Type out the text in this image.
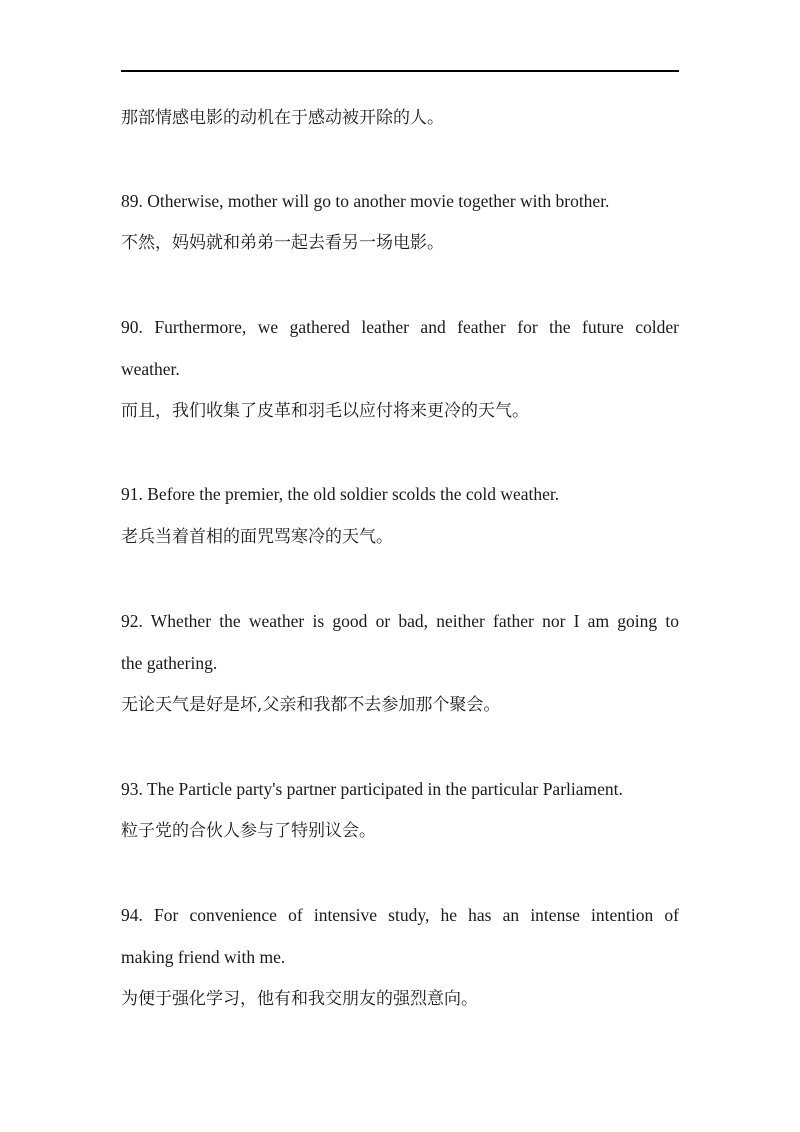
那部情感电影的动机在于感动被开除的人。
89. Otherwise, mother will go to another movie together with brother.
不然，妈妈就和弟弟一起去看另一场电影。
90. Furthermore, we gathered leather and feather for the future colder
weather.
而且，我们收集了皮革和羽毛以应付将来更冷的天气。
91. Before the premier, the old soldier scolds the cold weather.
老兵当着首相的面咒骂寒冷的天气。
92. Whether the weather is good or bad, neither father nor I am going to
the gathering.
无论天气是好是坏,父亲和我都不去参加那个聚会。
93. The Particle party's partner participated in the particular Parliament.
粒子党的合伙人参与了特别议会。
94. For convenience of intensive study, he has an intense intention of
making friend with me.
为便于强化学习，他有和我交朋友的强烈意向。
